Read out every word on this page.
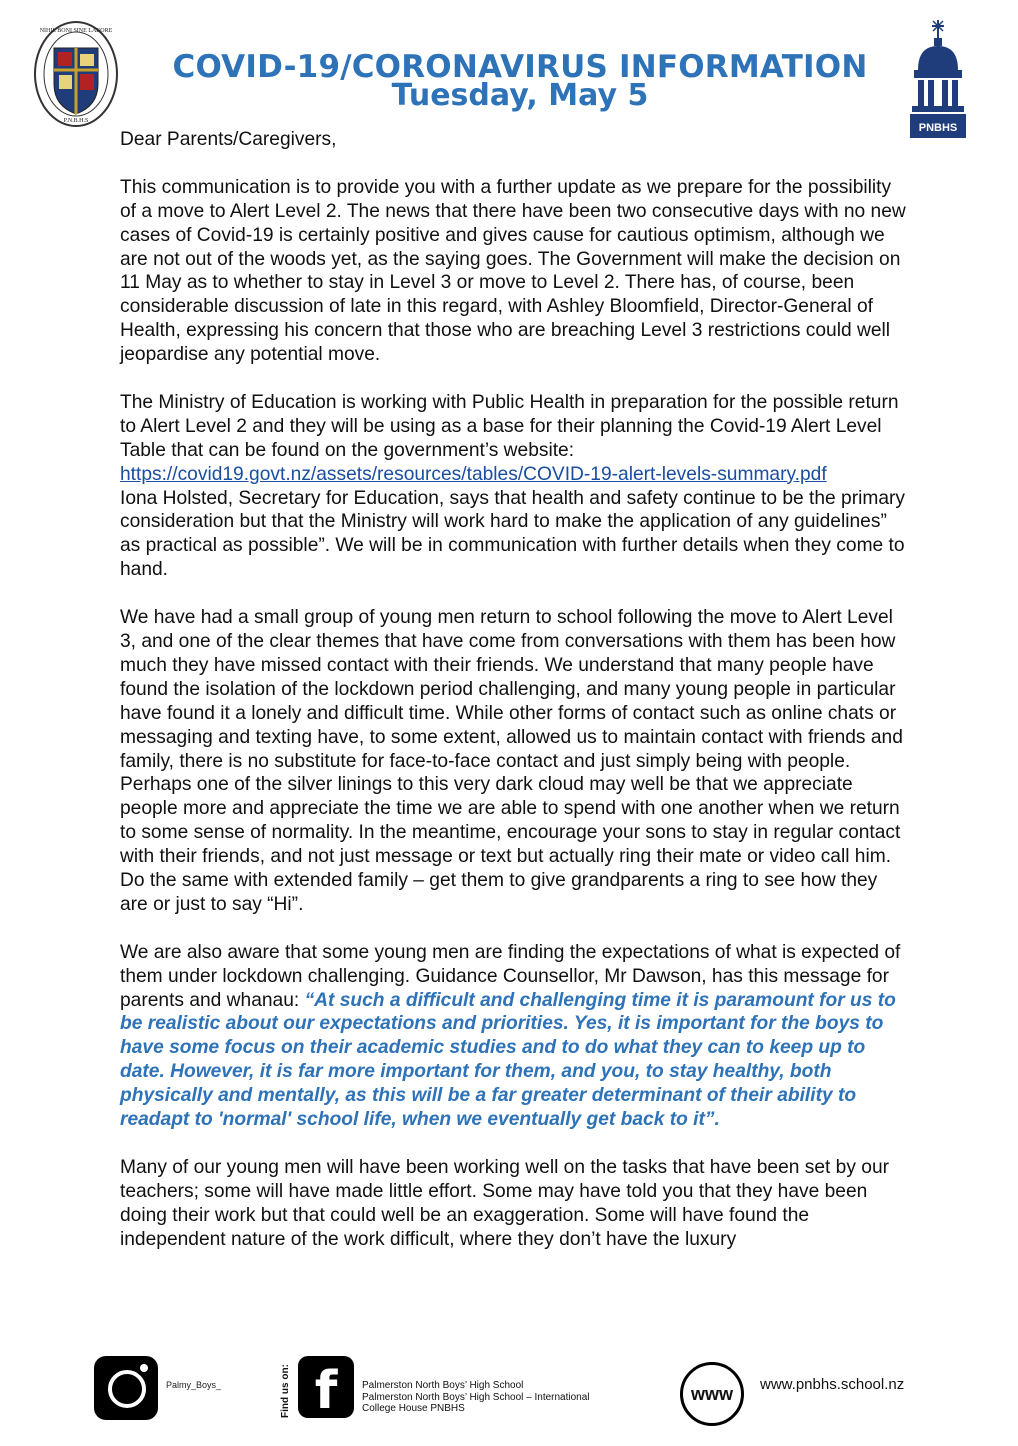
NIHIL BONI SINE LABORE
P.N.B.H.S
COVID-19/CORONAVIRUS INFORMATION
Tuesday, May 5
PNBHS

Dear Parents/Caregivers,

This communication is to provide you with a further update as we prepare for the possibility of a move to Alert Level 2. The news that there have been two consecutive days with no new cases of Covid-19 is certainly positive and gives cause for cautious optimism, although we are not out of the woods yet, as the saying goes. The Government will make the decision on 11 May as to whether to stay in Level 3 or move to Level 2. There has, of course, been considerable discussion of late in this regard, with Ashley Bloomfield, Director-General of Health, expressing his concern that those who are breaching Level 3 restrictions could well jeopardise any potential move.

The Ministry of Education is working with Public Health in preparation for the possible return to Alert Level 2 and they will be using as a base for their planning the Covid-19 Alert Level Table that can be found on the government’s website:
https://covid19.govt.nz/assets/resources/tables/COVID-19-alert-levels-summary.pdf
Iona Holsted, Secretary for Education, says that health and safety continue to be the primary consideration but that the Ministry will work hard to make the application of any guidelines” as practical as possible”. We will be in communication with further details when they come to hand.

We have had a small group of young men return to school following the move to Alert Level 3, and one of the clear themes that have come from conversations with them has been how much they have missed contact with their friends. We understand that many people have found the isolation of the lockdown period challenging, and many young people in particular have found it a lonely and difficult time. While other forms of contact such as online chats or messaging and texting have, to some extent, allowed us to maintain contact with friends and family, there is no substitute for face-to-face contact and just simply being with people. Perhaps one of the silver linings to this very dark cloud may well be that we appreciate people more and appreciate the time we are able to spend with one another when we return to some sense of normality. In the meantime, encourage your sons to stay in regular contact with their friends, and not just message or text but actually ring their mate or video call him. Do the same with extended family – get them to give grandparents a ring to see how they are or just to say “Hi”.

We are also aware that some young men are finding the expectations of what is expected of them under lockdown challenging. Guidance Counsellor, Mr Dawson, has this message for parents and whanau: “At such a difficult and challenging time it is paramount for us to be realistic about our expectations and priorities. Yes, it is important for the boys to have some focus on their academic studies and to do what they can to keep up to date. However, it is far more important for them, and you, to stay healthy, both physically and mentally, as this will be a far greater determinant of their ability to readapt to 'normal' school life, when we eventually get back to it”.

Many of our young men will have been working well on the tasks that have been set by our teachers; some will have made little effort. Some may have told you that they have been doing their work but that could well be an exaggeration. Some will have found the independent nature of the work difficult, where they don’t have the luxury

Palmy_Boys_	Find us on: f	Palmerston North Boys’ High School
Palmerston North Boys’ High School – International
College House PNBHS
www	www.pnbhs.school.nz
